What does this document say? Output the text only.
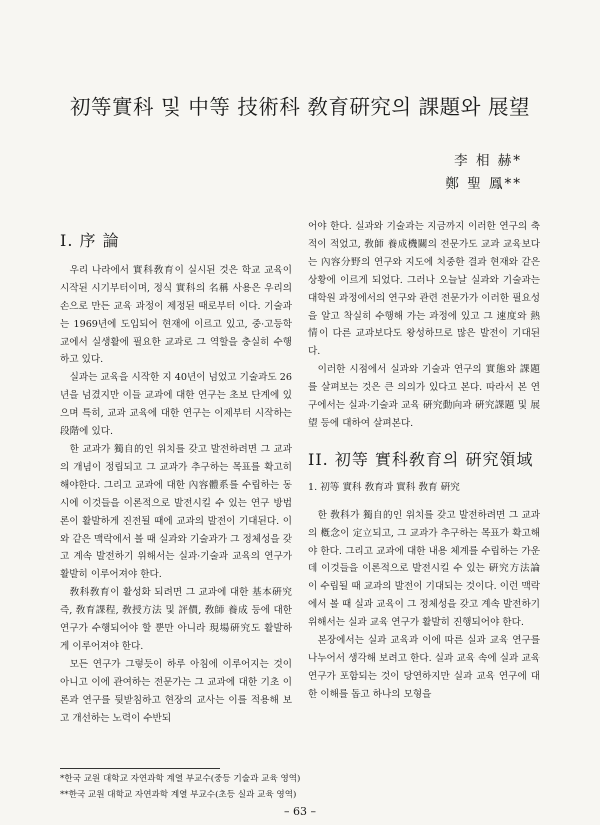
初等實科 및 中等 技術科 敎育硏究의 課題와 展望
李 相 赫*
鄭 聖 鳳**
I. 序 論

우리 나라에서 實科敎育이 실시된 것은 학교 교육이 시작된 시기부터이며, 정식 實科의 名稱 사용은 우리의 손으로 만든 교육 과정이 제정된 때로부터 이다. 기술과는 1969년에 도입되어 현재에 이르고 있고, 중·고등학교에서 실생활에 필요한 교과로 그 역할을 충실히 수행하고 있다.

실과는 교육을 시작한 지 40년이 넘었고 기술과도 26년을 넘겼지만 이들 교과에 대한 연구는 초보 단계에 있으며 특히, 교과 교육에 대한 연구는 이제부터 시작하는 段階에 있다.

한 교과가 獨自的인 위치를 갖고 발전하려면 그 교과의 개념이 정립되고 그 교과가 추구하는 목표를 확고히 해야한다. 그리고 교과에 대한 內容體系를 수립하는 동시에 이것들을 이론적으로 발전시킬 수 있는 연구 방법론이 활발하게 진전될 때에 교과의 발전이 기대된다. 이와 같은 맥락에서 볼 때 실과와 기술과가 그 정체성을 갖고 계속 발전하기 위해서는 실과·기술과 교육의 연구가 활발히 이루어져야 한다.

敎科敎育이 활성화 되려면 그 교과에 대한 基本硏究 즉, 敎育課程, 敎授方法 및 評價, 敎師 養成 등에 대한 연구가 수행되어야 할 뿐만 아니라 現場硏究도 활발하게 이루어져야 한다.

모든 연구가 그렇듯이 하루 아침에 이루어지는 것이 아니고 이에 관여하는 전문가는 그 교과에 대한 기초 이론과 연구를 뒷받침하고 현장의 교사는 이를 적용해 보고 개선하는 노력이 수반되

어야 한다. 실과와 기술과는 지금까지 이러한 연구의 축적이 적었고, 敎師 養成機關의 전문가도 교과 교육보다는 內容分野의 연구와 지도에 치중한 결과 현재와 같은 상황에 이르게 되었다. 그러나 오늘날 실과와 기술과는 대학원 과정에서의 연구와 관련 전문가가 이러한 필요성을 알고 착실히 수행해 가는 과정에 있고 그 速度와 熱情이 다른 교과보다도 왕성하므로 많은 발전이 기대된다.

이러한 시점에서 실과와 기술과 연구의 實態와 課題를 살펴보는 것은 큰 의의가 있다고 본다. 따라서 본 연구에서는 실과·기술과 교육 硏究動向과 硏究課題 및 展望 등에 대하여 살펴본다.

II. 初等 實科敎育의 硏究領域
1. 初等 實科 敎育과 實科 敎育 硏究

한 敎科가 獨自的인 위치를 갖고 발전하려면 그 교과의 槪念이 定立되고, 그 교과가 추구하는 목표가 확고해야 한다. 그리고 교과에 대한 내용 체계를 수립하는 가운데 이것들을 이론적으로 발전시킬 수 있는 硏究方法論이 수립될 때 교과의 발전이 기대되는 것이다. 이런 맥락에서 볼 때 실과 교육이 그 정체성을 갖고 계속 발전하기 위해서는 실과 교육 연구가 활발히 진행되어야 한다.

본장에서는 실과 교육과 이에 따른 실과 교육 연구를 나누어서 생각해 보려고 한다. 실과 교육 속에 실과 교육 연구가 포함되는 것이 당연하지만 실과 교육 연구에 대한 이해를 돕고 하나의 모형을

*한국 교원 대학교 자연과학 계열 부교수(중등 기술과 교육 영역)
**한국 교원 대학교 자연과학 계열 부교수(초등 실과 교육 영역)
– 63 –
